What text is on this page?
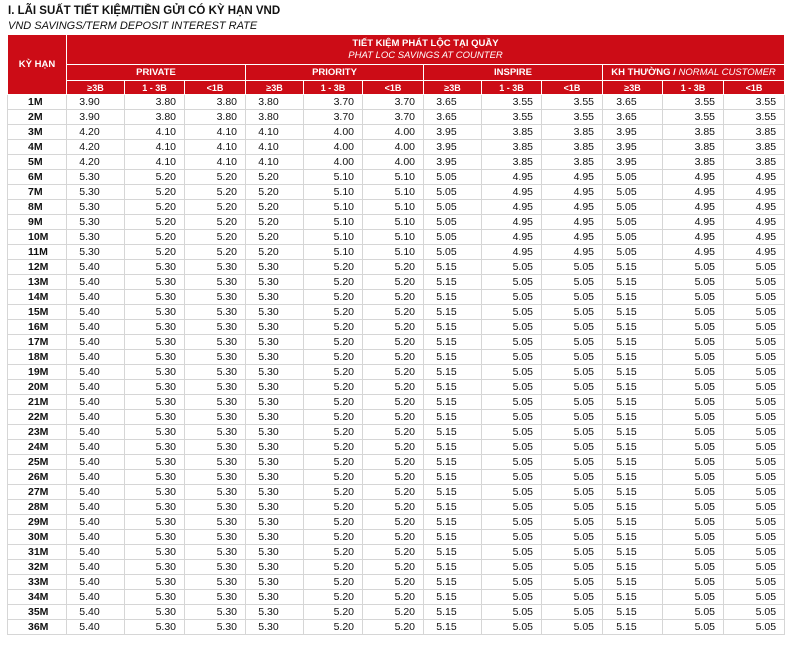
I. LÃI SUẤT TIẾT KIỆM/TIỀN GỬI CÓ KỲ HẠN VND
VND SAVINGS/TERM DEPOSIT INTEREST RATE
KỲ HẠN	TIẾT KIỆM PHÁT LỘC TẠI QUẦY
PHAT LOC SAVINGS AT COUNTER											

	PRIVATE			PRIORITY			INSPIRE			KH THƯỜNG / NORMAL CUSTOMER		
	≥3B	1 - 3B	<1B	≥3B	1 - 3B	<1B	≥3B	1 - 3B	<1B	≥3B	1 - 3B	<1B
1M	3.90	3.80	3.80	3.80	3.70	3.70	3.65	3.55	3.55	3.65	3.55	3.55
2M	3.90	3.80	3.80	3.80	3.70	3.70	3.65	3.55	3.55	3.65	3.55	3.55
3M	4.20	4.10	4.10	4.10	4.00	4.00	3.95	3.85	3.85	3.95	3.85	3.85
4M	4.20	4.10	4.10	4.10	4.00	4.00	3.95	3.85	3.85	3.95	3.85	3.85
5M	4.20	4.10	4.10	4.10	4.00	4.00	3.95	3.85	3.85	3.95	3.85	3.85
6M	5.30	5.20	5.20	5.20	5.10	5.10	5.05	4.95	4.95	5.05	4.95	4.95
7M	5.30	5.20	5.20	5.20	5.10	5.10	5.05	4.95	4.95	5.05	4.95	4.95
8M	5.30	5.20	5.20	5.20	5.10	5.10	5.05	4.95	4.95	5.05	4.95	4.95
9M	5.30	5.20	5.20	5.20	5.10	5.10	5.05	4.95	4.95	5.05	4.95	4.95
10M	5.30	5.20	5.20	5.20	5.10	5.10	5.05	4.95	4.95	5.05	4.95	4.95
11M	5.30	5.20	5.20	5.20	5.10	5.10	5.05	4.95	4.95	5.05	4.95	4.95
12M	5.40	5.30	5.30	5.30	5.20	5.20	5.15	5.05	5.05	5.15	5.05	5.05
13M	5.40	5.30	5.30	5.30	5.20	5.20	5.15	5.05	5.05	5.15	5.05	5.05
14M	5.40	5.30	5.30	5.30	5.20	5.20	5.15	5.05	5.05	5.15	5.05	5.05
15M	5.40	5.30	5.30	5.30	5.20	5.20	5.15	5.05	5.05	5.15	5.05	5.05
16M	5.40	5.30	5.30	5.30	5.20	5.20	5.15	5.05	5.05	5.15	5.05	5.05
17M	5.40	5.30	5.30	5.30	5.20	5.20	5.15	5.05	5.05	5.15	5.05	5.05
18M	5.40	5.30	5.30	5.30	5.20	5.20	5.15	5.05	5.05	5.15	5.05	5.05
19M	5.40	5.30	5.30	5.30	5.20	5.20	5.15	5.05	5.05	5.15	5.05	5.05
20M	5.40	5.30	5.30	5.30	5.20	5.20	5.15	5.05	5.05	5.15	5.05	5.05
21M	5.40	5.30	5.30	5.30	5.20	5.20	5.15	5.05	5.05	5.15	5.05	5.05
22M	5.40	5.30	5.30	5.30	5.20	5.20	5.15	5.05	5.05	5.15	5.05	5.05
23M	5.40	5.30	5.30	5.30	5.20	5.20	5.15	5.05	5.05	5.15	5.05	5.05
24M	5.40	5.30	5.30	5.30	5.20	5.20	5.15	5.05	5.05	5.15	5.05	5.05
25M	5.40	5.30	5.30	5.30	5.20	5.20	5.15	5.05	5.05	5.15	5.05	5.05
26M	5.40	5.30	5.30	5.30	5.20	5.20	5.15	5.05	5.05	5.15	5.05	5.05
27M	5.40	5.30	5.30	5.30	5.20	5.20	5.15	5.05	5.05	5.15	5.05	5.05
28M	5.40	5.30	5.30	5.30	5.20	5.20	5.15	5.05	5.05	5.15	5.05	5.05
29M	5.40	5.30	5.30	5.30	5.20	5.20	5.15	5.05	5.05	5.15	5.05	5.05
30M	5.40	5.30	5.30	5.30	5.20	5.20	5.15	5.05	5.05	5.15	5.05	5.05
31M	5.40	5.30	5.30	5.30	5.20	5.20	5.15	5.05	5.05	5.15	5.05	5.05
32M	5.40	5.30	5.30	5.30	5.20	5.20	5.15	5.05	5.05	5.15	5.05	5.05
33M	5.40	5.30	5.30	5.30	5.20	5.20	5.15	5.05	5.05	5.15	5.05	5.05
34M	5.40	5.30	5.30	5.30	5.20	5.20	5.15	5.05	5.05	5.15	5.05	5.05
35M	5.40	5.30	5.30	5.30	5.20	5.20	5.15	5.05	5.05	5.15	5.05	5.05
36M	5.40	5.30	5.30	5.30	5.20	5.20	5.15	5.05	5.05	5.15	5.05	5.05
